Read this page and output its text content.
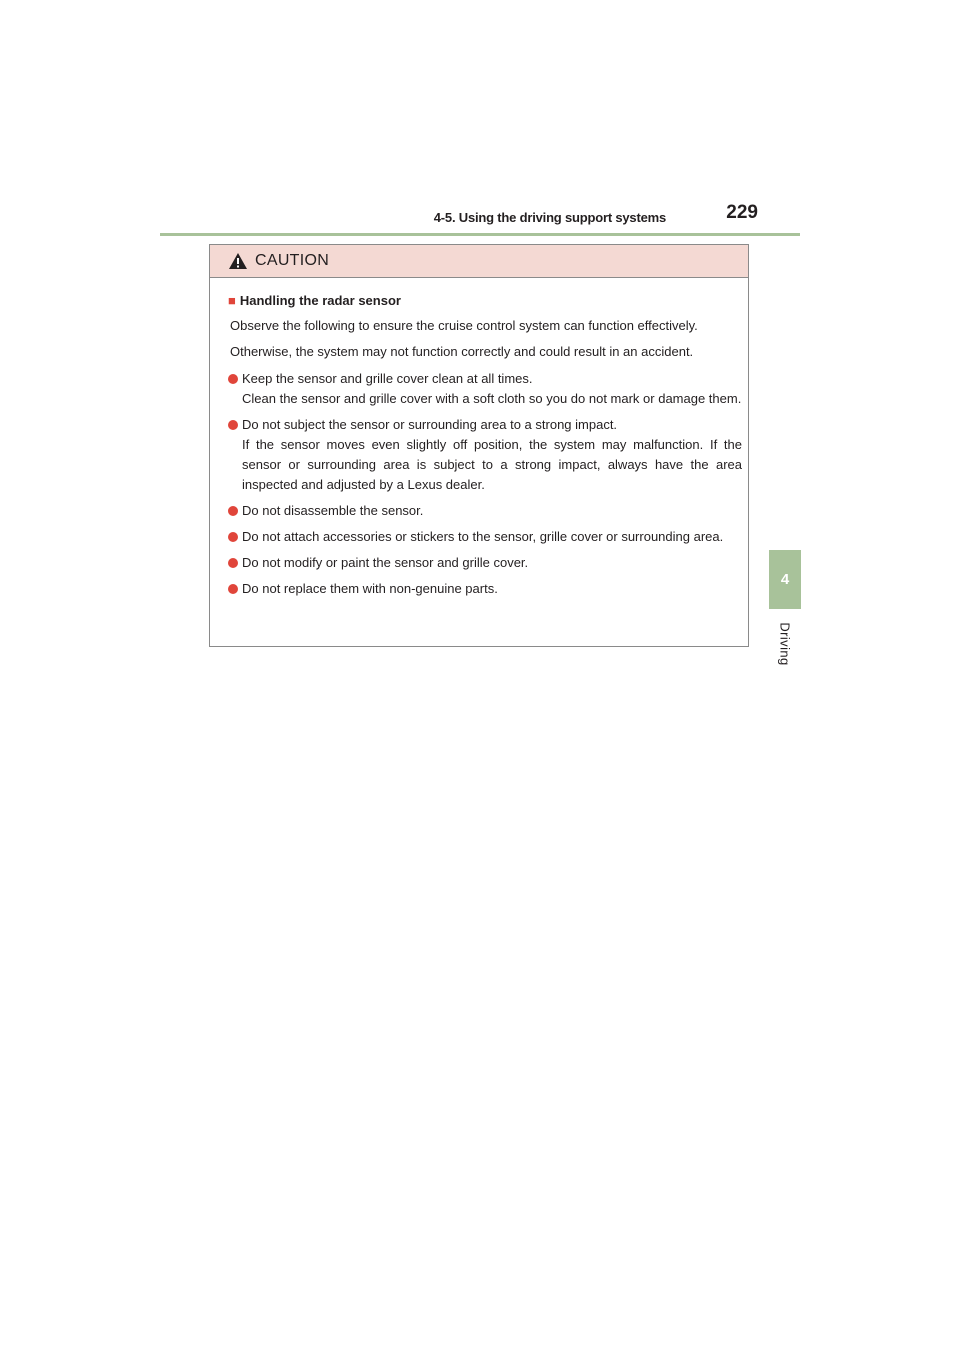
4-5. Using the driving support systems	229
4
Driving
CAUTION
■ Handling the radar sensor

Observe the following to ensure the cruise control system can function effectively.

Otherwise, the system may not function correctly and could result in an accident.

Keep the sensor and grille cover clean at all times.
Clean the sensor and grille cover with a soft cloth so you do not mark or damage them.
Do not subject the sensor or surrounding area to a strong impact.
If the sensor moves even slightly off position, the system may malfunction. If the sensor or surrounding area is subject to a strong impact, always have the area inspected and adjusted by a Lexus dealer.
Do not disassemble the sensor.
Do not attach accessories or stickers to the sensor, grille cover or surrounding area.
Do not modify or paint the sensor and grille cover.
Do not replace them with non-genuine parts.
